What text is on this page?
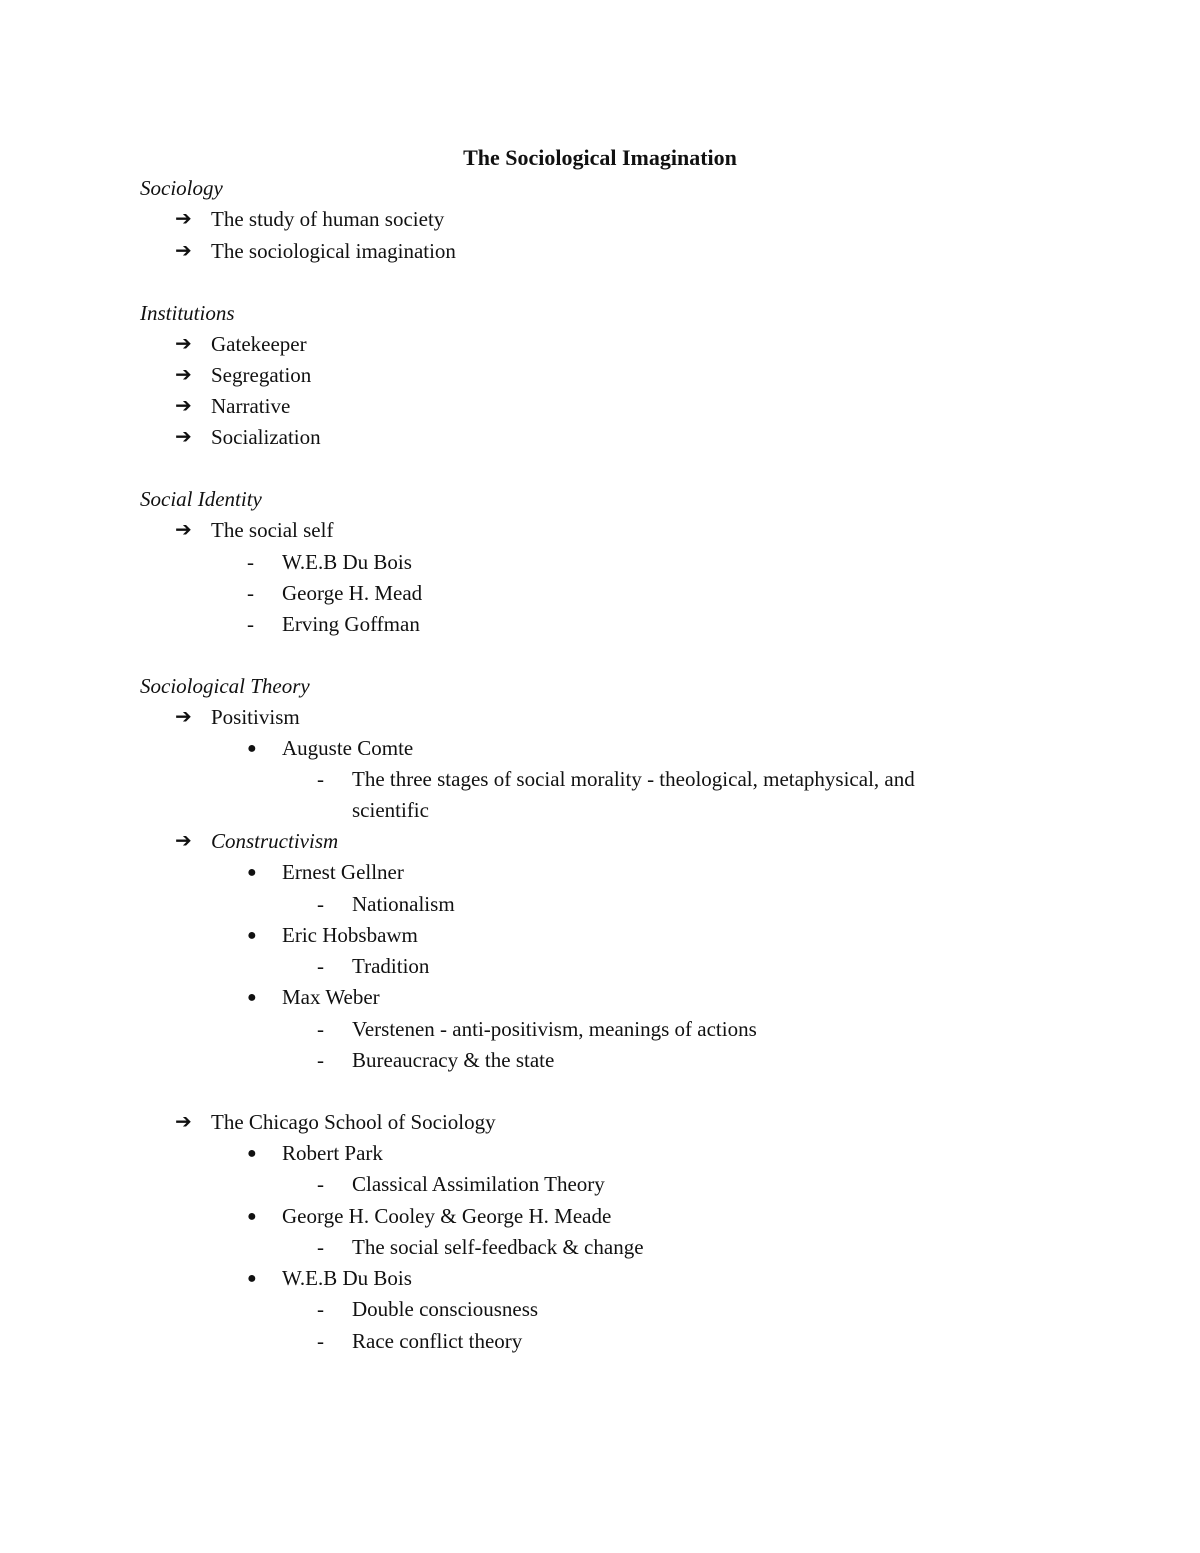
The Sociological Imagination
Sociology
➔ The study of human society
➔ The sociological imagination
Institutions
➔ Gatekeeper
➔ Segregation
➔ Narrative
➔ Socialization
Social Identity
➔ The social self
- W.E.B Du Bois
- George H. Mead
- Erving Goffman
Sociological Theory
➔ Positivism
● Auguste Comte
- The three stages of social morality - theological, metaphysical, and
scientific
➔ Constructivism
● Ernest Gellner
- Nationalism
● Eric Hobsbawm
- Tradition
● Max Weber
- Verstenen - anti-positivism, meanings of actions
- Bureaucracy & the state
➔ The Chicago School of Sociology
● Robert Park
- Classical Assimilation Theory
● George H. Cooley & George H. Meade
- The social self-feedback & change
● W.E.B Du Bois
- Double consciousness
- Race conflict theory
